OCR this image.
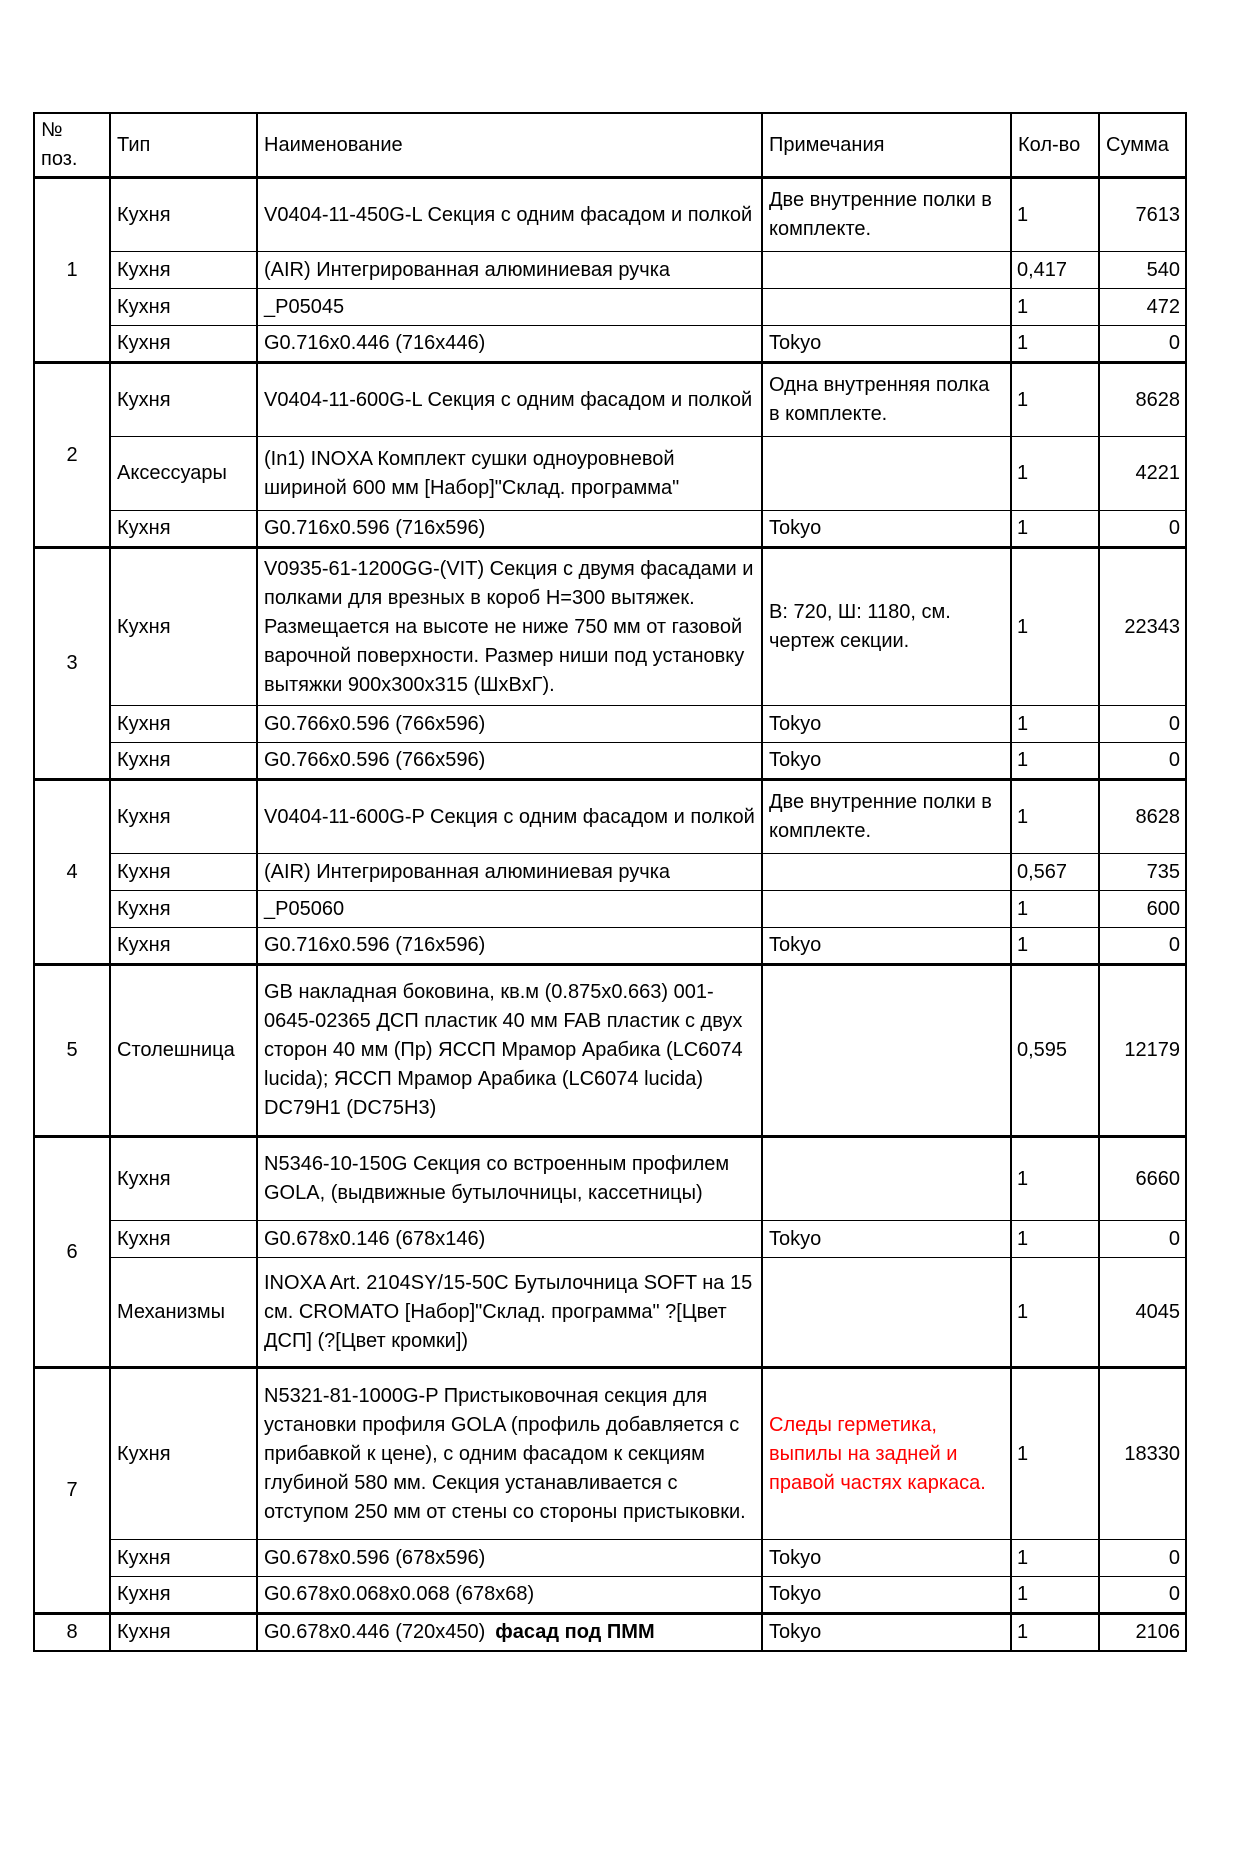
№ поз.	Тип	Наименование	Примечания	Кол-во	Сумма
1	Кухня	V0404-11-450G-L Секция с одним фасадом и полкой	Две внутренние полки в комплекте.	1	7613
	Кухня	(AIR) Интегрированная алюминиевая ручка		0,417	540
	Кухня	_P05045		1	472
	Кухня	G0.716x0.446 (716x446)	Tokyo	1	0
2	Кухня	V0404-11-600G-L Секция с одним фасадом и полкой	Одна внутренняя полка в комплекте.	1	8628
	Аксессуары	(In1) INOXA Комплект сушки одноуровневой шириной 600 мм [Набор]"Склад. программа"		1	4221
	Кухня	G0.716x0.596 (716x596)	Tokyo	1	0
3	Кухня	V0935-61-1200GG-(VIT) Секция с двумя фасадами и полками для врезных в короб H=300 вытяжек. Размещается на высоте не ниже 750 мм от газовой варочной поверхности. Размер ниши под установку вытяжки 900x300x315 (ШхВхГ).	В: 720, Ш: 1180, см. чертеж секции.	1	22343
	Кухня	G0.766x0.596 (766x596)	Tokyo	1	0
	Кухня	G0.766x0.596 (766x596)	Tokyo	1	0
4	Кухня	V0404-11-600G-P Секция с одним фасадом и полкой	Две внутренние полки в комплекте.	1	8628
	Кухня	(AIR) Интегрированная алюминиевая ручка		0,567	735
	Кухня	_P05060		1	600
	Кухня	G0.716x0.596 (716x596)	Tokyo	1	0
5	Столешница	GB накладная боковина, кв.м (0.875x0.663) 001-0645-02365 ДСП пластик 40 мм FAB пластик с двух сторон 40 мм (Пр) ЯССП Мрамор Арабика (LC6074 lucida); ЯССП Мрамор Арабика (LC6074 lucida) DC79H1 (DC75H3)		0,595	12179
6	Кухня	N5346-10-150G Секция со встроенным профилем GOLA, (выдвижные бутылочницы, кассетницы)		1	6660
	Кухня	G0.678x0.146 (678x146)	Tokyo	1	0
	Механизмы	INOXA Art. 2104SY/15-50C Бутылочница SOFT на 15 см. CROMATO [Набор]"Склад. программа" ?[Цвет ДСП] (?[Цвет кромки])		1	4045
7	Кухня	N5321-81-1000G-P Пристыковочная секция для установки профиля GOLA (профиль добавляется с прибавкой к цене), с одним фасадом к секциям глубиной 580 мм. Секция устанавливается с отступом 250 мм от стены со стороны пристыковки.	Следы герметика, выпилы на задней и правой частях каркаса.	1	18330
	Кухня	G0.678x0.596 (678x596)	Tokyo	1	0
	Кухня	G0.678x0.068x0.068 (678x68)	Tokyo	1	0
8	Кухня	G0.678x0.446 (720x450) фасад под ПММ	Tokyo	1	2106
